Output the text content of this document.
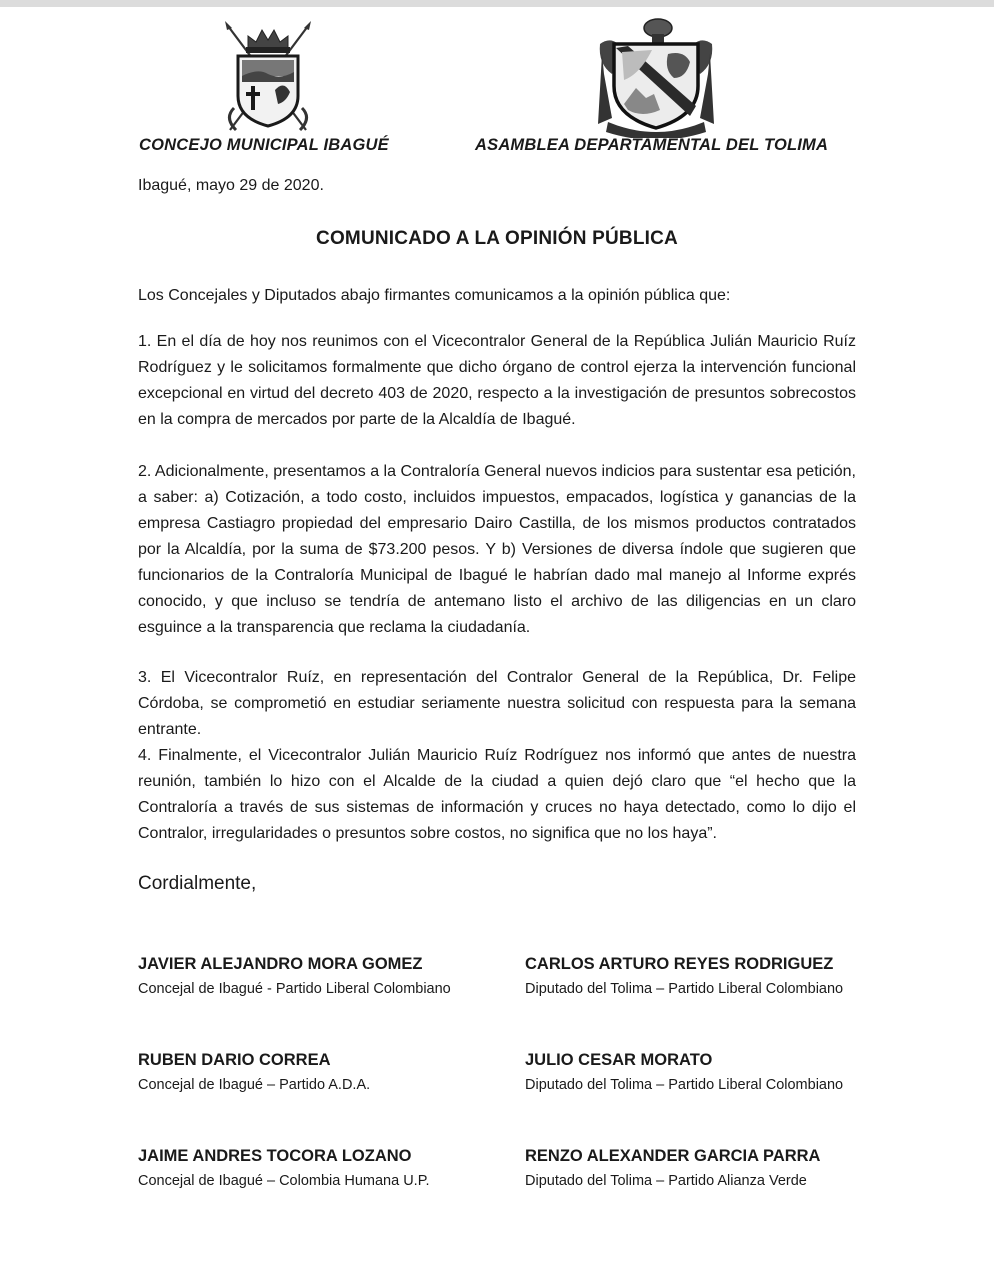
CONCEJO MUNICIPAL IBAGUÉ	ASAMBLEA DEPARTAMENTAL DEL TOLIMA
Ibagué, mayo 29 de 2020.
COMUNICADO A LA OPINIÓN PÚBLICA

Los Concejales y Diputados abajo firmantes comunicamos a la opinión pública que:

1. En el día de hoy nos reunimos con el Vicecontralor General de la República Julián Mauricio Ruíz Rodríguez y le solicitamos formalmente que dicho órgano de control ejerza la intervención funcional excepcional en virtud del decreto 403 de 2020, respecto a la investigación de presuntos sobrecostos en la compra de mercados por parte de la Alcaldía de Ibagué.

2. Adicionalmente, presentamos a la Contraloría General nuevos indicios para sustentar esa petición, a saber: a) Cotización, a todo costo, incluidos impuestos, empacados, logística y ganancias de la empresa Castiagro propiedad del empresario Dairo Castilla, de los mismos productos contratados por la Alcaldía, por la suma de $73.200 pesos. Y b) Versiones de diversa índole que sugieren que funcionarios de la Contraloría Municipal de Ibagué le habrían dado mal manejo al Informe exprés conocido, y que incluso se tendría de antemano listo el archivo de las diligencias en un claro esguince a la transparencia que reclama la ciudadanía.

3. El Vicecontralor Ruíz, en representación del Contralor General de la República, Dr. Felipe Córdoba, se comprometió en estudiar seriamente nuestra solicitud con respuesta para la semana entrante.

4. Finalmente, el Vicecontralor Julián Mauricio Ruíz Rodríguez nos informó que antes de nuestra reunión, también lo hizo con el Alcalde de la ciudad a quien dejó claro que “el hecho que la Contraloría a través de sus sistemas de información y cruces no haya detectado, como lo dijo el Contralor, irregularidades o presuntos sobre costos, no significa que no los haya”.

Cordialmente,
JAVIER ALEJANDRO MORA GOMEZ
Concejal de Ibagué - Partido Liberal Colombiano
CARLOS ARTURO REYES RODRIGUEZ
Diputado del Tolima – Partido Liberal Colombiano
RUBEN DARIO CORREA
Concejal de Ibagué – Partido A.D.A.
JULIO CESAR MORATO
Diputado del Tolima – Partido Liberal Colombiano
JAIME ANDRES TOCORA LOZANO
Concejal de Ibagué – Colombia Humana U.P.
RENZO ALEXANDER GARCIA PARRA
Diputado del Tolima – Partido Alianza Verde
